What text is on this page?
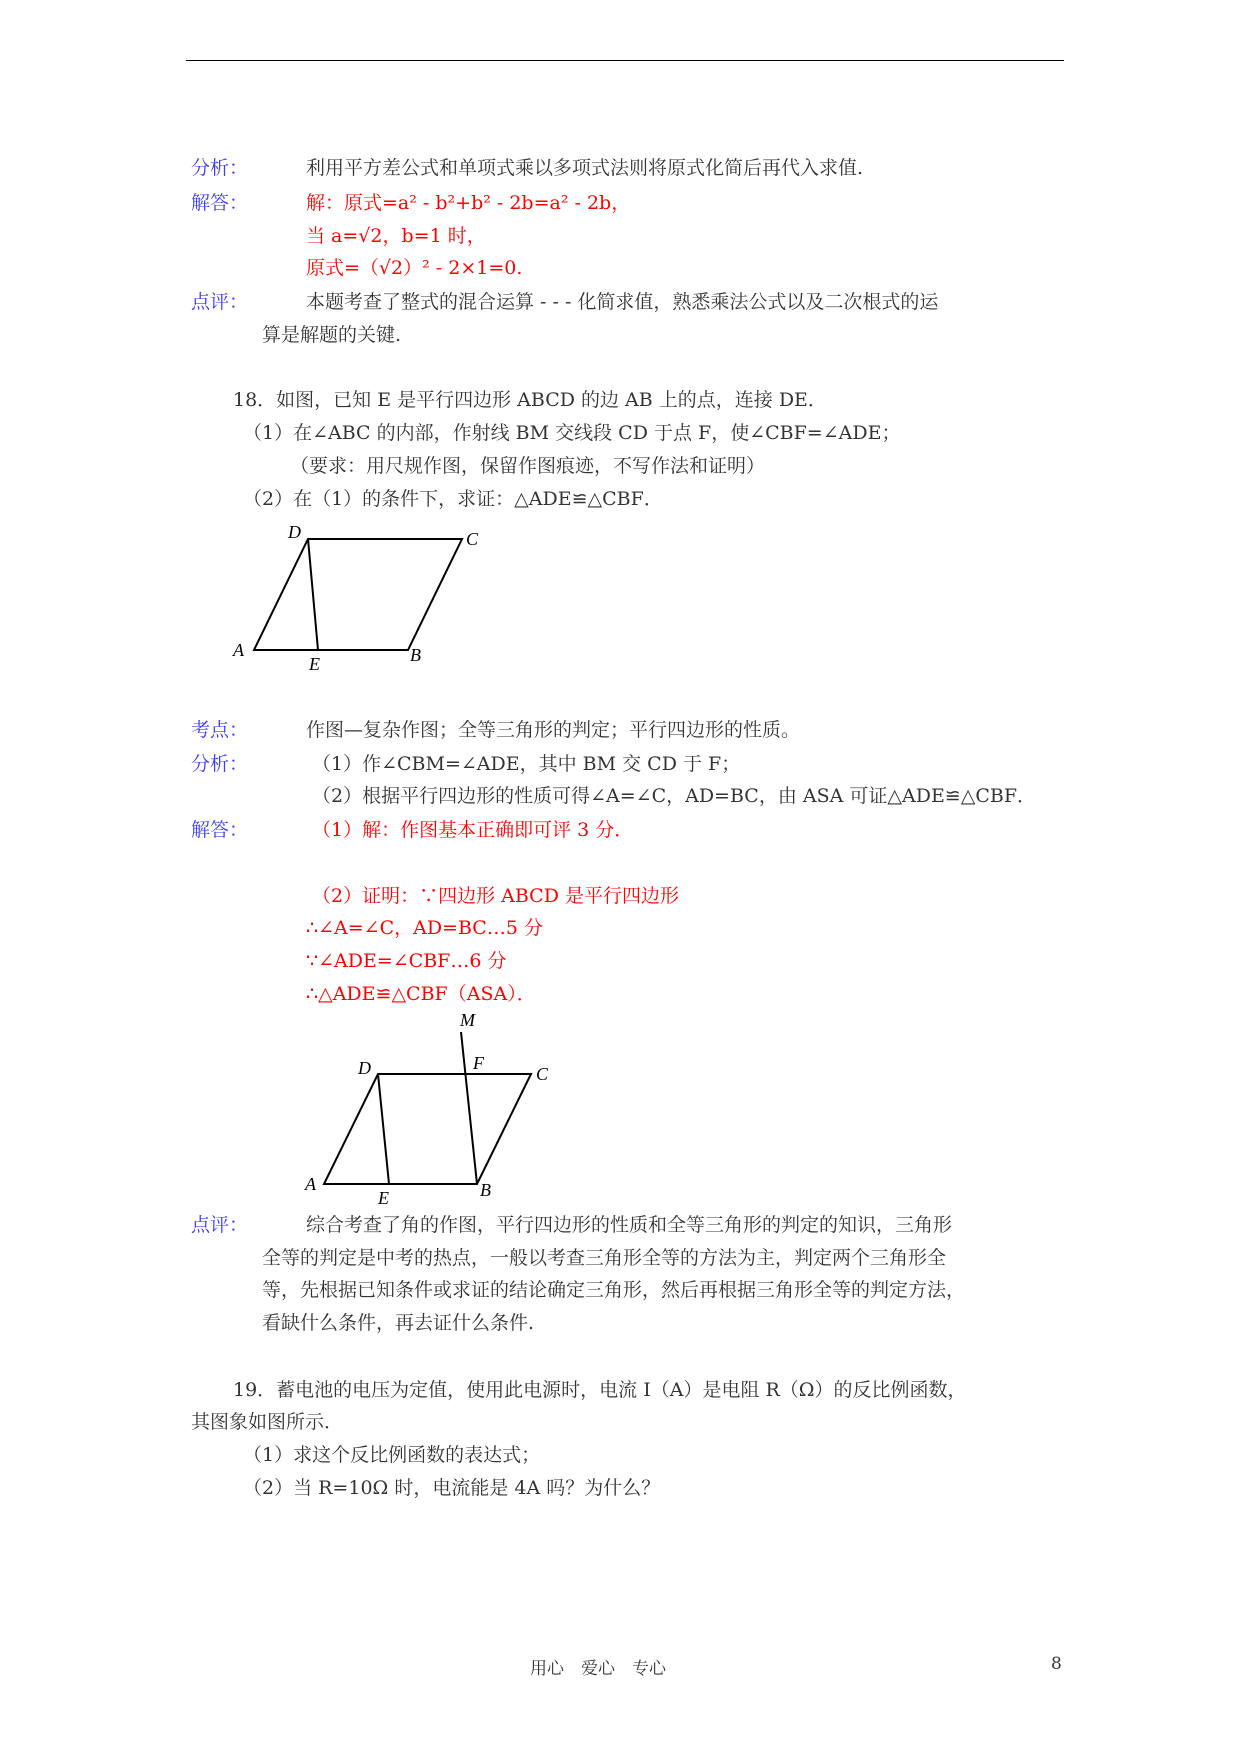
分析：	利用平方差公式和单项式乘以多项式法则将原式化简后再代入求值.
解答：	解：原式=a² - b²+b² - 2b=a² - 2b，
当 a=√2，b=1 时，
原式=（√2）² - 2×1=0.
点评：	本题考查了整式的混合运算 - - - 化简求值，熟悉乘法公式以及二次根式的运
算是解题的关键.
18．如图，已知 E 是平行四边形 ABCD 的边 AB 上的点，连接 DE．
（1）在∠ABC 的内部，作射线 BM 交线段 CD 于点 F，使∠CBF=∠ADE；
（要求：用尺规作图，保留作图痕迹，不写作法和证明）
（2）在（1）的条件下，求证：△ADE≌△CBF．
D	C
A	B
E
D	C
A	B
E
F
M
考点：	作图—复杂作图；全等三角形的判定；平行四边形的性质。
分析：	（1）作∠CBM=∠ADE，其中 BM 交 CD 于 F；
（2）根据平行四边形的性质可得∠A=∠C，AD=BC，由 ASA 可证△ADE≌△CBF．
解答：	（1）解：作图基本正确即可评 3 分．
（2）证明：∵四边形 ABCD 是平行四边形
∴∠A=∠C，AD=BC…5 分
∵∠ADE=∠CBF…6 分
∴△ADE≌△CBF（ASA）．
点评：	综合考查了角的作图，平行四边形的性质和全等三角形的判定的知识，三角形
全等的判定是中考的热点，一般以考查三角形全等的方法为主，判定两个三角形全
等，先根据已知条件或求证的结论确定三角形，然后再根据三角形全等的判定方法，
看缺什么条件，再去证什么条件.
19．蓄电池的电压为定值，使用此电源时，电流 I（A）是电阻 R（Ω）的反比例函数，
其图象如图所示．
（1）求这个反比例函数的表达式；
（2）当 R=10Ω 时，电流能是 4A 吗？为什么？
用心　爱心　专心	8
